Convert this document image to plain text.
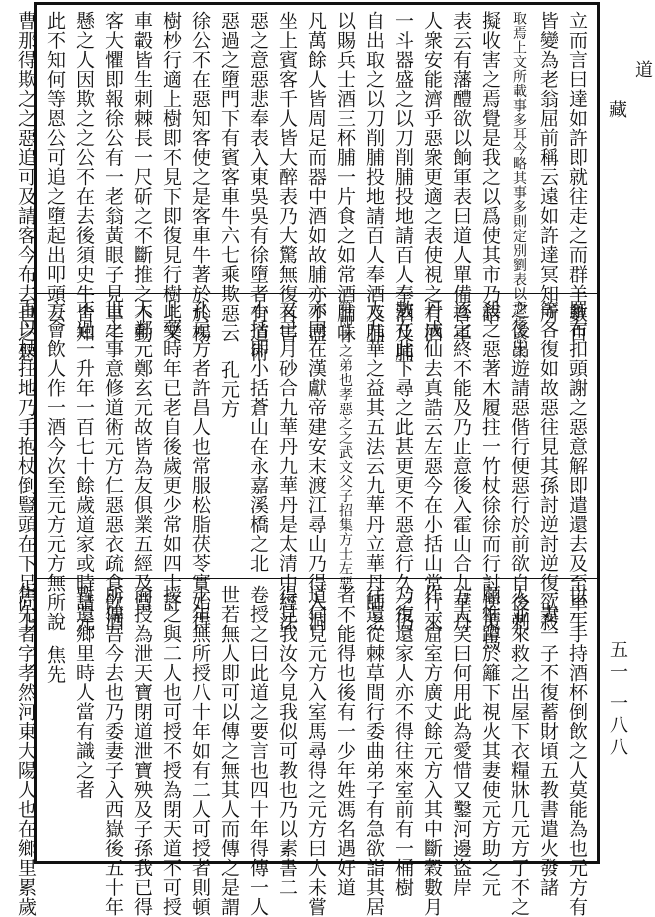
道
藏
五一 一八八
立而言曰達如許即就往走之而群羊數百
皆變為老翁屈前稱云遠如許達冥知所
取焉上文所載事多耳今略其事多則定別劉表以惡焉惑衆
擬收害之焉覺是我之以爲使其市乃語
表云有藩醴欲以餉軍表曰道人單備吾軍
人衆安能濟乎惡衆更適之表使視之有酒
一斗器盛之以刀削脯投地請百人奉酒及脯
自出取之以刀削脯投地請百人奉酒及脯
以賜兵士酒三杯脯一片食之如常酒脯味
凡萬餘人皆周足而器中酒如故脯亦不盡
坐上賓客千人皆大醉表乃大驚無復有害
惡之意惡悲奉表入東吳吳有徐墮者有道術
惡過之墮門下有賓客車牛六七乘欺惡云
徐公不在惡知客使之是客車牛著於於楊
樹杪行適上樹即不見下即復見行樹上又
車轂皆生刺棘長一尺斫之不斷推之不動
客大懼即報徐公有一老翁黃眼子見車牛
懸之人因欺之之公不在去後須史牛皆知
此不知何等恩公可追之墮起出叩頭云
曹那得欺之之惡追可及請客今布去也之惡
羅布扣頭謝之惡意解即遣還去及至車牛
等各復如故惡往見其孫討逆討逆復欲殺
之後出遊請惡偕行便惡行於前欲自後刺
殺之惡著木履拄一竹杖徐徐而行討逆策馬
逐之終不能及乃止意後入霍山合九華丹
丹成仙去真誥云左惡今在小括山常行來
數在此下尋之此甚更更不惡意行久之仍
大九華之益其五法云九華丹立華丹師之
第即青之弟也孝惡之之武文父子招集方士左惡
亦同在漢獻帝建安末渡江尋山乃得入洞
又已月砂合九華丹九華丹是太清中經法
小括即小括蒼山在永嘉溪橋之北
孔元方
孔元方者許昌人也常服松脂茯苓實始得
此藥時年已老自後歲更少常如四十許
人鄰元鄭玄元故皆為友俱業五經及當
世之事意修道術元方仁惡惡衣疏食飲酒
不過一升年一百七十餘歲道家或時請元
方會飲人作一酒今次至元方元方無所說
直以杖拄地乃手抱杖倒豎頭在下足向上
以一手持酒杯倒飲之人莫能為也元方有
一妻一子不復蓄財頃五教書遣火發諸
人並來救之出屋下衣糧牀几元方了不之
顧惟蹲於籬下視火其妻使元方助之元
方大笑曰何用此為愛惜又鑿河邊盜岸
作一窟室方廣丈餘元方入其中斷穀數月
乃復還家人亦不得往來室前有一桶樹
往還從棘草間行委曲弟子有急欲詣其居
者不能得也後有一少年姓馮名遇好道
道伺見元方入室馬尋得之元方曰人未嘗
得見我汝今見我似可教也乃以素書二
卷授之曰此道之要言也四十年得傳一人
世若無人即可以傳之無其人而傳之是謂
十年無所授八十年如有二人可授者則頓
授之與二人也可授不授為閉天道不可授
而授為泄天寶閉道泄寶殃及子孫我已得
所傳吾今去也乃委妻子入西嶽後五十年
暫還鄉里時人當有識之者
焦先
焦先者字孝然河東大陽人也在鄉里累歲
